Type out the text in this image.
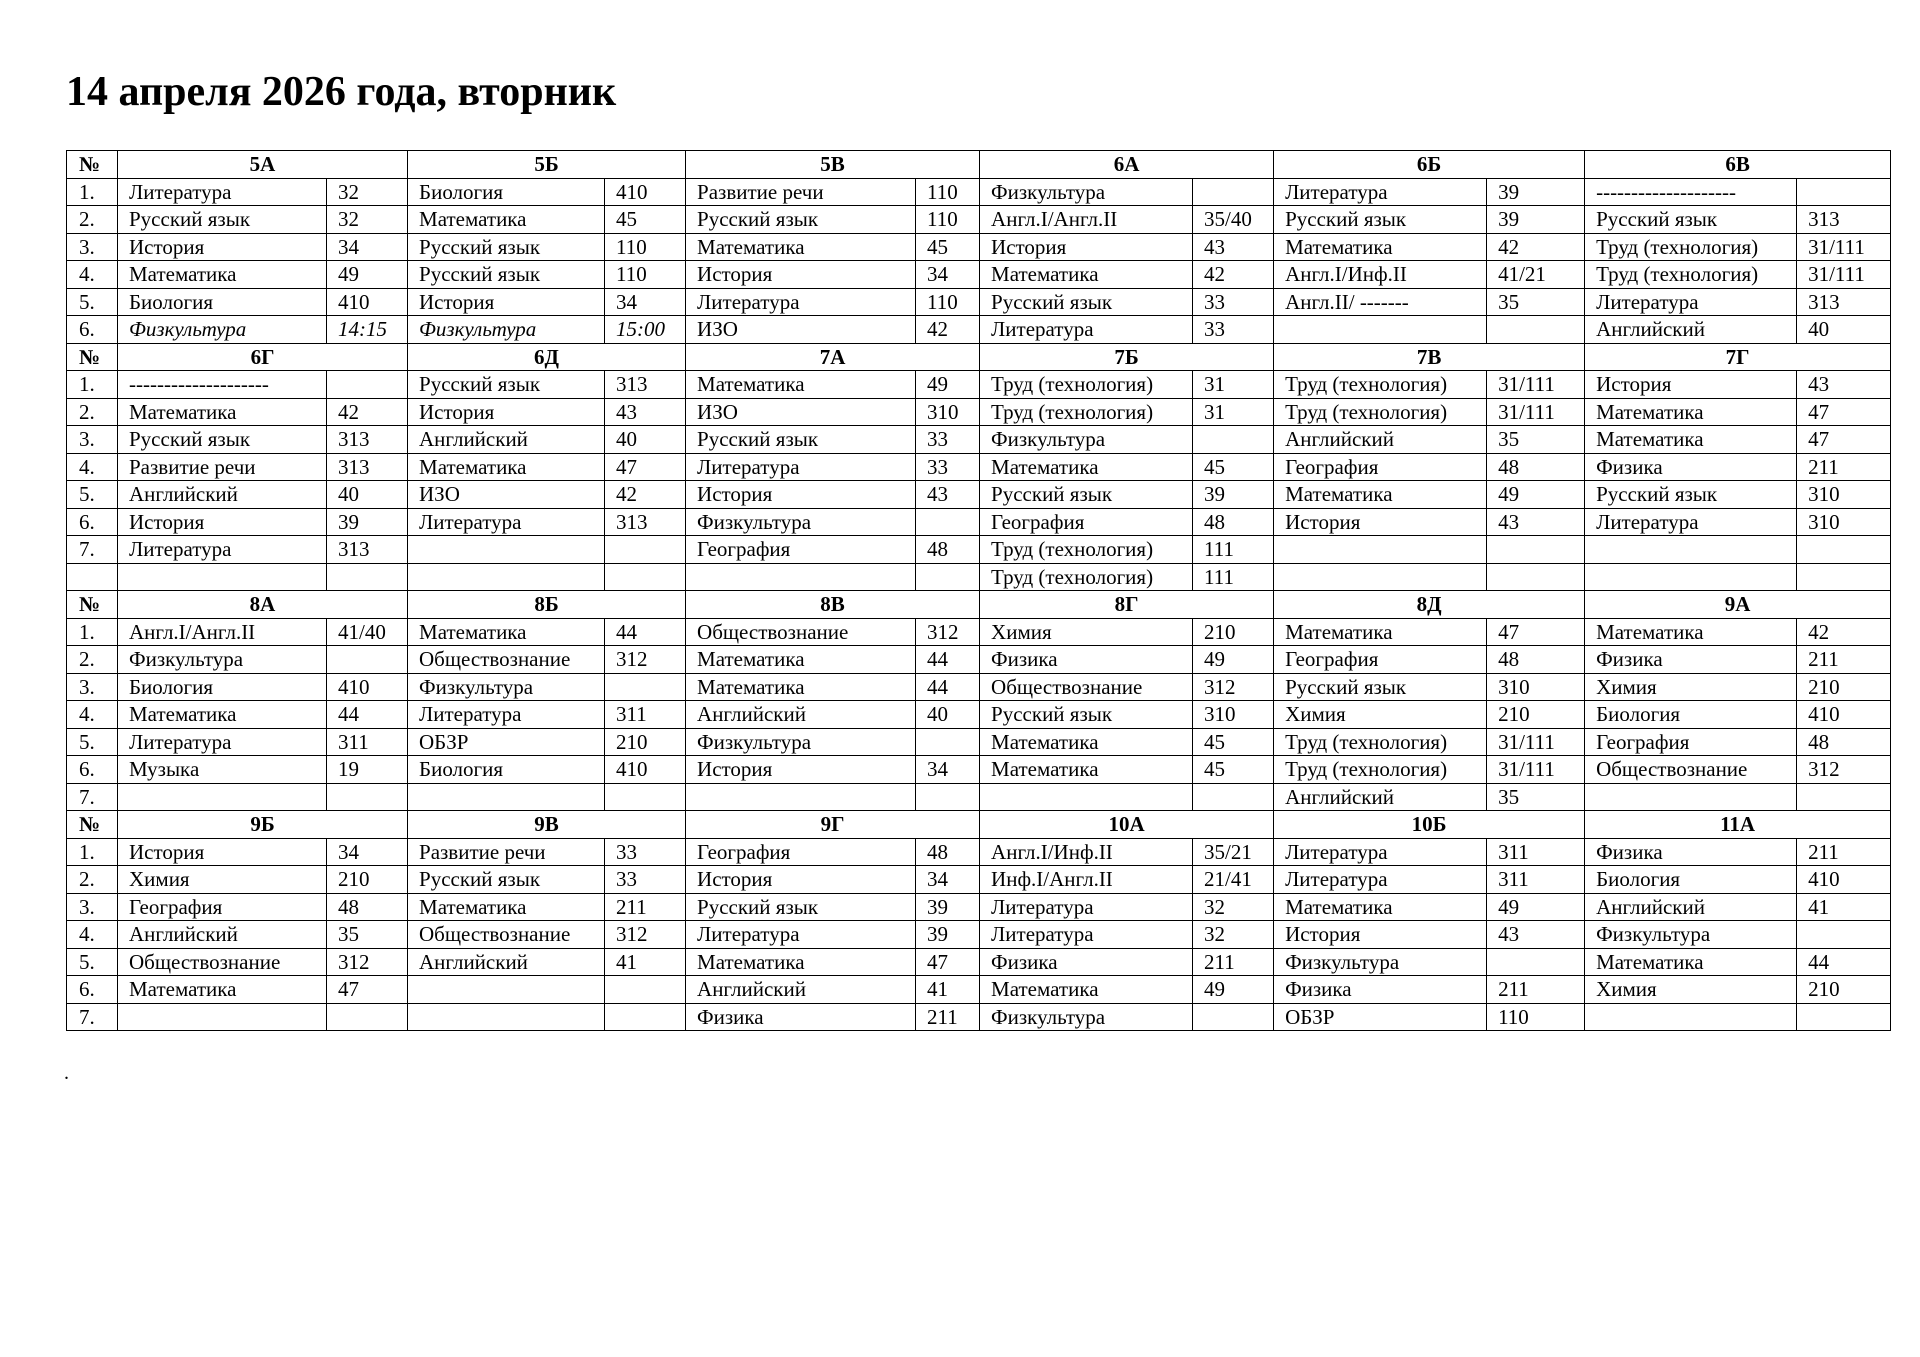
14 апреля 2026 года, вторник
№	5А		5Б		5В		6А		6Б		6В	
1.	Литература	32	Биология	410	Развитие речи	110	Физкультура		Литература	39	--------------------	
2.	Русский язык	32	Математика	45	Русский язык	110	Англ.I/Англ.II	35/40	Русский язык	39	Русский язык	313
3.	История	34	Русский язык	110	Математика	45	История	43	Математика	42	Труд (технология)	31/111
4.	Математика	49	Русский язык	110	История	34	Математика	42	Англ.I/Инф.II	41/21	Труд (технология)	31/111
5.	Биология	410	История	34	Литература	110	Русский язык	33	Англ.II/ -------	35	Литература	313
6.	Физкультура	14:15	Физкультура	15:00	ИЗО	42	Литература	33			Английский	40
№	6Г		6Д		7А		7Б		7В		7Г	
1.	--------------------		Русский язык	313	Математика	49	Труд (технология)	31	Труд (технология)	31/111	История	43
2.	Математика	42	История	43	ИЗО	310	Труд (технология)	31	Труд (технология)	31/111	Математика	47
3.	Русский язык	313	Английский	40	Русский язык	33	Физкультура		Английский	35	Математика	47
4.	Развитие речи	313	Математика	47	Литература	33	Математика	45	География	48	Физика	211
5.	Английский	40	ИЗО	42	История	43	Русский язык	39	Математика	49	Русский язык	310
6.	История	39	Литература	313	Физкультура		География	48	История	43	Литература	310
7.	Литература	313			География	48	Труд (технология)	111				
							Труд (технология)	111				
№	8А		8Б		8В		8Г		8Д		9А	
1.	Англ.I/Англ.II	41/40	Математика	44	Обществознание	312	Химия	210	Математика	47	Математика	42
2.	Физкультура		Обществознание	312	Математика	44	Физика	49	География	48	Физика	211
3.	Биология	410	Физкультура		Математика	44	Обществознание	312	Русский язык	310	Химия	210
4.	Математика	44	Литература	311	Английский	40	Русский язык	310	Химия	210	Биология	410
5.	Литература	311	ОБЗР	210	Физкультура		Математика	45	Труд (технология)	31/111	География	48
6.	Музыка	19	Биология	410	История	34	Математика	45	Труд (технология)	31/111	Обществознание	312
7.									Английский	35		
№	9Б		9В		9Г		10А		10Б		11А	
1.	История	34	Развитие речи	33	География	48	Англ.I/Инф.II	35/21	Литература	311	Физика	211
2.	Химия	210	Русский язык	33	История	34	Инф.I/Англ.II	21/41	Литература	311	Биология	410
3.	География	48	Математика	211	Русский язык	39	Литература	32	Математика	49	Английский	41
4.	Английский	35	Обществознание	312	Литература	39	Литература	32	История	43	Физкультура	
5.	Обществознание	312	Английский	41	Математика	47	Физика	211	Физкультура		Математика	44
6.	Математика	47			Английский	41	Математика	49	Физика	211	Химия	210
7.					Физика	211	Физкультура		ОБЗР	110		
.
